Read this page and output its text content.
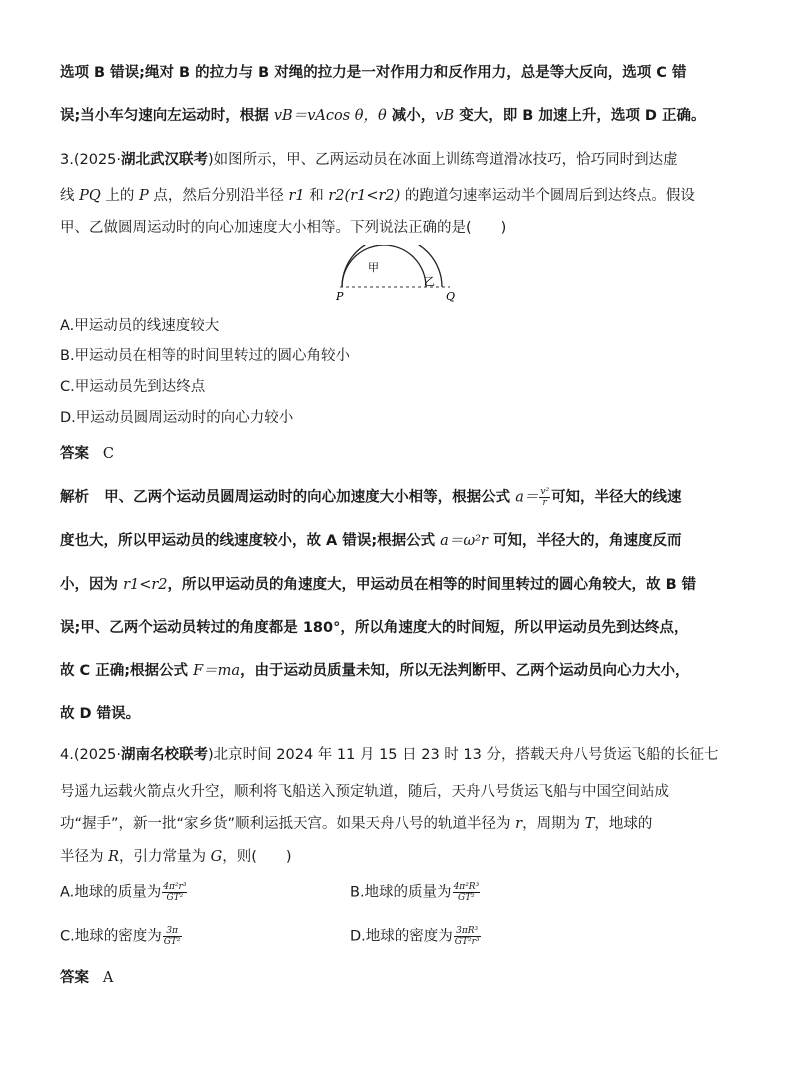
选项 B 错误;绳对 B 的拉力与 B 对绳的拉力是一对作用力和反作用力，总是等大反向，选项 C 错
误;当小车匀速向左运动时，根据 vB＝vAcos θ，θ 减小，vB 变大，即 B 加速上升，选项 D 正确。
3.(2025·湖北武汉联考)如图所示，甲、乙两运动员在冰面上训练弯道滑冰技巧，恰巧同时到达虚
线 PQ 上的 P 点，然后分别沿半径 r1 和 r2(r1<r2) 的跑道匀速率运动半个圆周后到达终点。假设
甲、乙做圆周运动时的向心加速度大小相等。下列说法正确的是(　　)
甲
乙
P	Q
A.甲运动员的线速度较大
B.甲运动员在相等的时间里转过的圆心角较小
C.甲运动员先到达终点
D.甲运动员圆周运动时的向心力较小
答案 C
解析 甲、乙两个运动员圆周运动时的向心加速度大小相等，根据公式 $a= \frac{\text{v²}}{r}$ 可知，半径大的线速
度也大，所以甲运动员的线速度较小，故 A 错误;根据公式 a＝ω²r 可知，半径大的，角速度反而
小，因为 r1<r2，所以甲运动员的角速度大，甲运动员在相等的时间里转过的圆心角较大，故 B 错
误;甲、乙两个运动员转过的角度都是 180°，所以角速度大的时间短，所以甲运动员先到达终点，
故 C 正确;根据公式 F＝ma，由于运动员质量未知，所以无法判断甲、乙两个运动员向心力大小，
故 D 错误。
4.(2025·湖南名校联考)北京时间 2024 年 11 月 15 日 23 时 13 分，搭载天舟八号货运飞船的长征七
号遥九运载火箭点火升空，顺利将飞船送入预定轨道，随后，天舟八号货运飞船与中国空间站成
功“握手”，新一批“家乡货”顺利运抵天宫。如果天舟八号的轨道半径为 r，周期为 T，地球的
半径为 R，引力常量为 G，则(　　)
A.地球的质量为 $\frac{\text{4π²r³}}{\text{GT²}}$	B.地球的质量为 $\frac{\text{4π²R³}}{\text{GT²}}$
C.地球的密度为 $\frac{3\pi}{\text{GT²}}$	D.地球的密度为 $\frac{\text{3πR³}}{\text{GT²r³}}$
答案 A
